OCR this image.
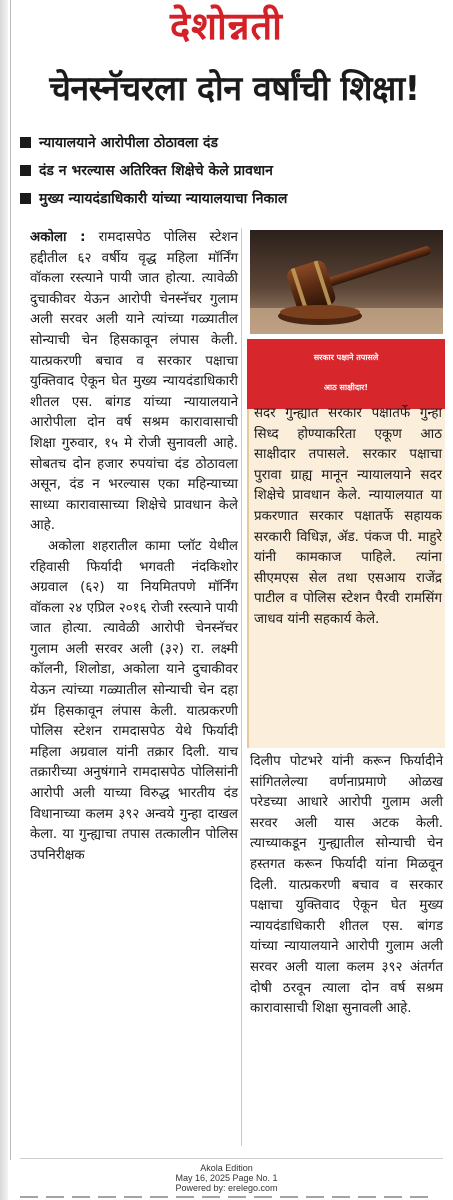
देशोन्नती
चेनस्नॅचरला दोन वर्षांची शिक्षा!
न्यायालयाने आरोपीला ठोठावला दंड
दंड न भरल्यास अतिरिक्त शिक्षेचे केले प्रावधान
मुख्य न्यायदंडाधिकारी यांच्या न्यायालयाचा निकाल

अकोला : रामदासपेठ पोलिस स्टेशन हद्दीतील ६२ वर्षीय वृद्ध महिला मॉर्निंग वॉकला रस्त्याने पायी जात होत्या. त्यावेळी दुचाकीवर येऊन आरोपी चेनस्नॅचर गुलाम अली सरवर अली याने त्यांच्या गळ्यातील सोन्याची चेन हिसकावून लंपास केली. यात्प्रकरणी बचाव व सरकार पक्षाचा युक्तिवाद ऐकून घेत मुख्य न्यायदंडाधिकारी शीतल एस. बांगड यांच्या न्यायालयाने आरोपीला दोन वर्ष सश्रम कारावासाची शिक्षा गुरुवार, १५ मे रोजी सुनावली आहे. सोबतच दोन हजार रुपयांचा दंड ठोठावला असून, दंड न भरल्यास एका महिन्याच्या साध्या कारावासाच्या शिक्षेचे प्रावधान केले आहे.

अकोला शहरातील कामा प्लॉट येथील रहिवासी फिर्यादी भगवती नंदकिशोर अग्रवाल (६२) या नियमितपणे मॉर्निंग वॉकला २४ एप्रिल २०१६ रोजी रस्त्याने पायी जात होत्या. त्यावेळी आरोपी चेनस्नॅचर गुलाम अली सरवर अली (३२) रा. लक्ष्मी कॉलनी, शिलोडा, अकोला याने दुचाकीवर येऊन त्यांच्या गळ्यातील सोन्याची चेन दहा ग्रॅम हिसकावून लंपास केली. यात्प्रकरणी पोलिस स्टेशन रामदासपेठ येथे फिर्यादी महिला अग्रवाल यांनी तक्रार दिली. याच तक्रारीच्या अनुषंगाने रामदासपेठ पोलिसांनी आरोपी अली याच्या विरुद्ध भारतीय दंड विधानाच्या कलम ३९२ अन्वये गुन्हा दाखल केला. या गुन्ह्याचा तपास तत्कालीन पोलिस उपनिरीक्षक

सरकार पक्षाने तपासले
आठ साक्षीदार!

सदर गुन्ह्यात सरकार पक्षातर्फे गुन्हा सिध्द होण्याकरिता एकूण आठ साक्षीदार तपासले. सरकार पक्षाचा पुरावा ग्राह्य मानून न्यायालयाने सदर शिक्षेचे प्रावधान केले. न्यायालयात या प्रकरणात सरकार पक्षातर्फे सहायक सरकारी विधिज्ञ, ॲड. पंकज पी. माहुरे यांनी कामकाज पाहिले. त्यांना सीएमएस सेल तथा एसआय राजेंद्र पाटील व पोलिस स्टेशन पैरवी रामसिंग जाधव यांनी सहकार्य केले.

दिलीप पोटभरे यांनी करून फिर्यादीने सांगितलेल्या वर्णनाप्रमाणे ओळख परेडच्या आधारे आरोपी गुलाम अली सरवर अली यास अटक केली. त्याच्याकडून गुन्ह्यातील सोन्याची चेन हस्तगत करून फिर्यादी यांना मिळवून दिली. यात्प्रकरणी बचाव व सरकार पक्षाचा युक्तिवाद ऐकून घेत मुख्य न्यायदंडाधिकारी शीतल एस. बांगड यांच्या न्यायालयाने आरोपी गुलाम अली सरवर अली याला कलम ३९२ अंतर्गत दोषी ठरवून त्याला दोन वर्ष सश्रम कारावासाची शिक्षा सुनावली आहे.

Akola Edition
May 16, 2025 Page No. 1
Powered by: erelego.com
